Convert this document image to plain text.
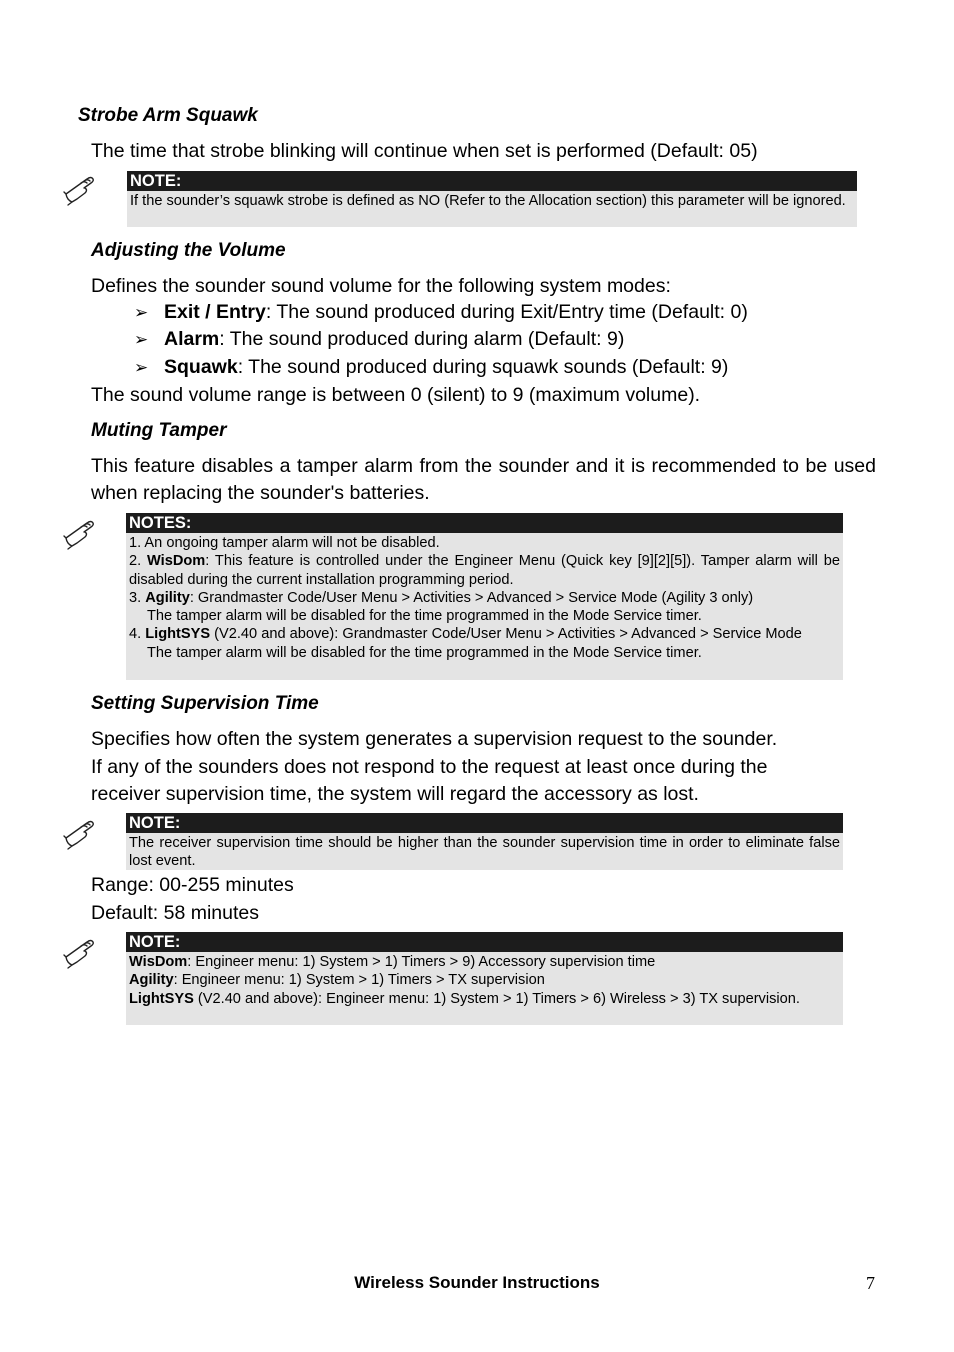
Strobe Arm Squawk
The time that strobe blinking will continue when set is performed (Default: 05)
NOTE:
If the sounder’s squawk strobe is defined as NO (Refer to the Allocation section) this parameter will be ignored.
Adjusting the Volume
Defines the sounder sound volume for the following system modes:
➢ Exit / Entry: The sound produced during Exit/Entry time (Default: 0)
➢ Alarm: The sound produced during alarm (Default: 9)
➢ Squawk: The sound produced during squawk sounds (Default: 9)
The sound volume range is between 0 (silent) to 9 (maximum volume).
Muting Tamper
This feature disables a tamper alarm from the sounder and it is recommended to be used when replacing the sounder's batteries.
NOTES:
1. An ongoing tamper alarm will not be disabled.
2. WisDom: This feature is controlled under the Engineer Menu (Quick key [9][2][5]). Tamper alarm will be disabled during the current installation programming period.
3. Agility: Grandmaster Code/User Menu > Activities > Advanced > Service Mode (Agility 3 only)
The tamper alarm will be disabled for the time programmed in the Mode Service timer.
4. LightSYS (V2.40 and above): Grandmaster Code/User Menu > Activities > Advanced > Service Mode
The tamper alarm will be disabled for the time programmed in the Mode Service timer.
Setting Supervision Time
Specifies how often the system generates a supervision request to the sounder.
If any of the sounders does not respond to the request at least once during the
receiver supervision time, the system will regard the accessory as lost.
NOTE:
The receiver supervision time should be higher than the sounder supervision time in order to eliminate false lost event.
Range: 00-255 minutes
Default: 58 minutes
NOTE:
WisDom: Engineer menu: 1) System > 1) Timers > 9) Accessory supervision time
Agility: Engineer menu: 1) System > 1) Timers > TX supervision
LightSYS (V2.40 and above): Engineer menu: 1) System > 1) Timers > 6) Wireless > 3) TX supervision.
Wireless Sounder Instructions	7
